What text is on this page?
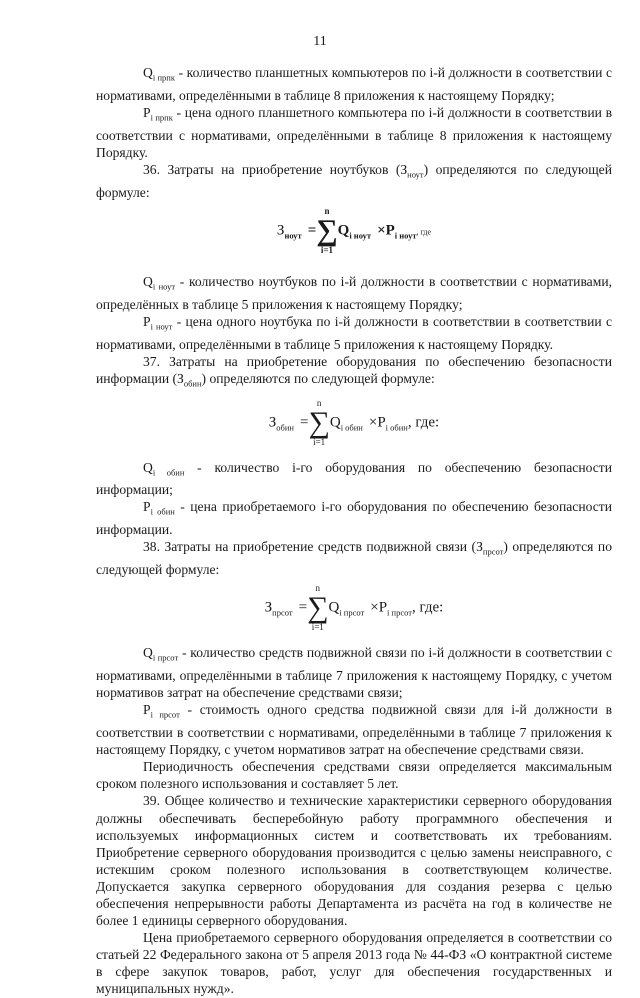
11

$Q_{i прпк}$ - количество планшетных компьютеров по i-й должности в соответствии с нормативами, определёнными в таблице 8 приложения к настоящему Порядку;

$P_{i прпк}$ - цена одного планшетного компьютера по i-й должности в соответствии в соответствии с нормативами, определёнными в таблице 8 приложения к настоящему Порядку.

36. Затраты на приобретение ноутбуков $(З_{ноут})$ определяются по следующей формуле:

$З_{ноут}$ =
n
∑
i=1
$Q_{i ноут} \times P_{i ноут}$, где

$Q_{i ноут}$ - количество ноутбуков по i-й должности в соответствии с нормативами, определённых в таблице 5 приложения к настоящему Порядку;

$P_{i ноут}$ - цена одного ноутбука по i-й должности в соответствии в соответствии с нормативами, определёнными в таблице 5 приложения к настоящему Порядку.

37. Затраты на приобретение оборудования по обеспечению безопасности информации $(З_{обин})$ определяются по следующей формуле:

$З_{обин}$ =
n
∑
i=1
$Q_{i обин} \times P_{i обин}$, где:

$Q_{i обин}$ - количество i-го оборудования по обеспечению безопасности информации;

$P_{i обин}$ - цена приобретаемого i-го оборудования по обеспечению безопасности информации.

38. Затраты на приобретение средств подвижной связи $(З_{прсот})$ определяются по следующей формуле:

$З_{прсот}$ =
n
∑
i=1
$Q_{i прсот} \times P_{i прсот}$, где:

$Q_{i прсот}$ - количество средств подвижной связи по i-й должности в соответствии с нормативами, определёнными в таблице 7 приложения к настоящему Порядку, с учетом нормативов затрат на обеспечение средствами связи;

$P_{i прсот}$ - стоимость одного средства подвижной связи для i-й должности в соответствии в соответствии с нормативами, определёнными в таблице 7 приложения к настоящему Порядку, с учетом нормативов затрат на обеспечение средствами связи.

Периодичность обеспечения средствами связи определяется максимальным сроком полезного использования и составляет 5 лет.

39. Общее количество и технические характеристики серверного оборудования должны обеспечивать бесперебойную работу программного обеспечения и используемых информационных систем и соответствовать их требованиям. Приобретение серверного оборудования производится с целью замены неисправного, с истекшим сроком полезного использования в соответствующем количестве. Допускается закупка серверного оборудования для создания резерва с целью обеспечения непрерывности работы Департамента из расчёта на год в количестве не более 1 единицы серверного оборудования.

Цена приобретаемого серверного оборудования определяется в соответствии со статьей 22 Федерального закона от 5 апреля 2013 года № 44-ФЗ «О контрактной системе в сфере закупок товаров, работ, услуг для обеспечения государственных и муниципальных нужд».
